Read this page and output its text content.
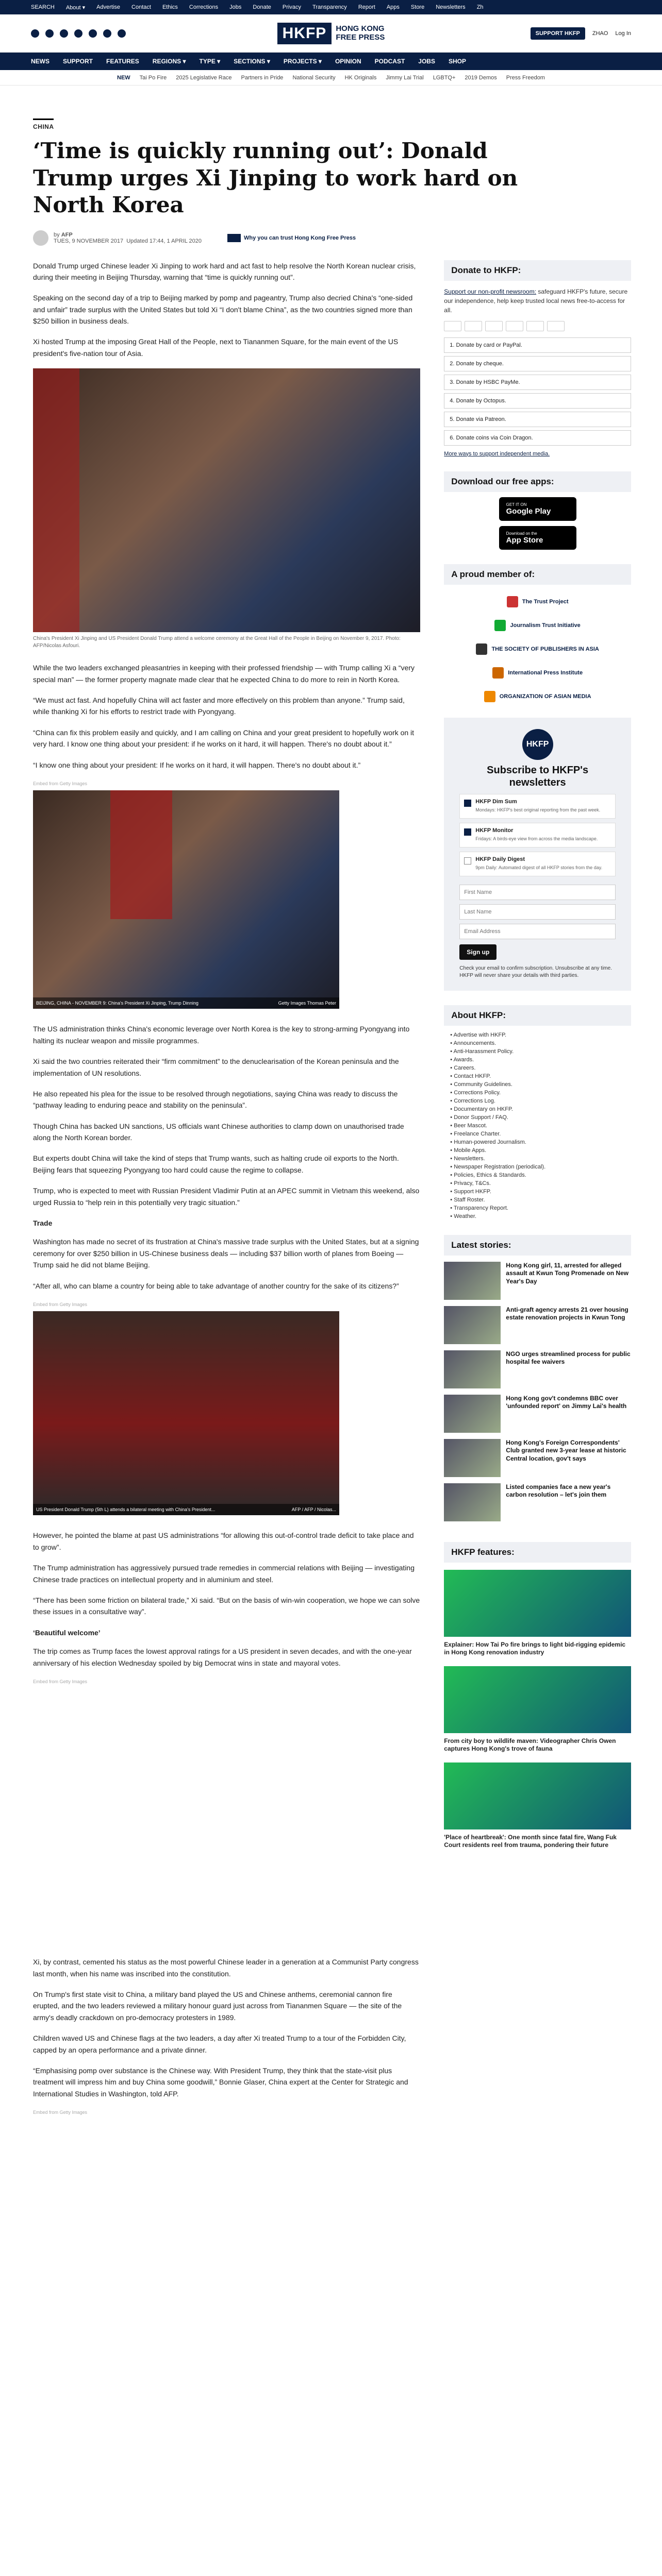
SEARCH About ▾ Advertise Contact Ethics Corrections Jobs Donate Privacy Transparency Report Apps Store Newsletters Zh
HKFP	HONG KONG
FREE PRESS	SUPPORT HKFP	ZHAO Log In
NEWS SUPPORT FEATURES REGIONS ▾ TYPE ▾ SECTIONS ▾ PROJECTS ▾ OPINION PODCAST JOBS SHOP
NEW Tai Po Fire 2025 Legislative Race Partners in Pride National Security HK Originals Jimmy Lai Trial LGBTQ+ 2019 Demos Press Freedom
CHINA
‘Time is quickly running out’: Donald Trump urges Xi Jinping to work hard on North Korea
by AFP
TUES, 9 NOVEMBER 2017 Updated 17:44, 1 APRIL 2020	Why you can trust Hong Kong Free Press

Donald Trump urged Chinese leader Xi Jinping to work hard and act fast to help resolve the North Korean nuclear crisis, during their meeting in Beijing Thursday, warning that “time is quickly running out”.

Speaking on the second day of a trip to Beijing marked by pomp and pageantry, Trump also decried China's “one-sided and unfair” trade surplus with the United States but told Xi “I don't blame China”, as the two countries signed more than $250 billion in business deals.

Xi hosted Trump at the imposing Great Hall of the People, next to Tiananmen Square, for the main event of the US president's five-nation tour of Asia.

China's President Xi Jinping and US President Donald Trump attend a welcome ceremony at the Great Hall of the People in Beijing on November 9, 2017. Photo: AFP/Nicolas Asfouri.

While the two leaders exchanged pleasantries in keeping with their professed friendship — with Trump calling Xi a “very special man” — the former property magnate made clear that he expected China to do more to rein in North Korea.

“We must act fast. And hopefully China will act faster and more effectively on this problem than anyone.” Trump said, while thanking Xi for his efforts to restrict trade with Pyongyang.

“China can fix this problem easily and quickly, and I am calling on China and your great president to hopefully work on it very hard. I know one thing about your president: if he works on it hard, it will happen. There's no doubt about it.”

“I know one thing about your president: If he works on it hard, it will happen. There's no doubt about it.”

Embed from Getty Images
BEIJING, CHINA - NOVEMBER 9: China's President Xi Jinping, Trump Dinning	Getty Images Thomas Peter

The US administration thinks China's economic leverage over North Korea is the key to strong-arming Pyongyang into halting its nuclear weapon and missile programmes.

Xi said the two countries reiterated their “firm commitment” to the denuclearisation of the Korean peninsula and the implementation of UN resolutions.

He also repeated his plea for the issue to be resolved through negotiations, saying China was ready to discuss the “pathway leading to enduring peace and stability on the peninsula”.

Though China has backed UN sanctions, US officials want Chinese authorities to clamp down on unauthorised trade along the North Korean border.

But experts doubt China will take the kind of steps that Trump wants, such as halting crude oil exports to the North. Beijing fears that squeezing Pyongyang too hard could cause the regime to collapse.

Trump, who is expected to meet with Russian President Vladimir Putin at an APEC summit in Vietnam this weekend, also urged Russia to “help rein in this potentially very tragic situation.”

Trade

Washington has made no secret of its frustration at China's massive trade surplus with the United States, but at a signing ceremony for over $250 billion in US-Chinese business deals — including $37 billion worth of planes from Boeing — Trump said he did not blame Beijing.

“After all, who can blame a country for being able to take advantage of another country for the sake of its citizens?”

Embed from Getty Images
US President Donald Trump (5th L) attends a bilateral meeting with China's President...	AFP / AFP / Nicolas...

However, he pointed the blame at past US administrations “for allowing this out-of-control trade deficit to take place and to grow”.

The Trump administration has aggressively pursued trade remedies in commercial relations with Beijing — investigating Chinese trade practices on intellectual property and in aluminium and steel.

“There has been some friction on bilateral trade,” Xi said. “But on the basis of win-win cooperation, we hope we can solve these issues in a consultative way”.

‘Beautiful welcome’

The trip comes as Trump faces the lowest approval ratings for a US president in seven decades, and with the one-year anniversary of his election Wednesday spoiled by big Democrat wins in state and mayoral votes.

Embed from Getty Images

Xi, by contrast, cemented his status as the most powerful Chinese leader in a generation at a Communist Party congress last month, when his name was inscribed into the constitution.

On Trump's first state visit to China, a military band played the US and Chinese anthems, ceremonial cannon fire erupted, and the two leaders reviewed a military honour guard just across from Tiananmen Square — the site of the army's deadly crackdown on pro-democracy protesters in 1989.

Children waved US and Chinese flags at the two leaders, a day after Xi treated Trump to a tour of the Forbidden City, capped by an opera performance and a private dinner.

“Emphasising pomp over substance is the Chinese way. With President Trump, they think that the state-visit plus treatment will impress him and buy China some goodwill,” Bonnie Glaser, China expert at the Center for Strategic and International Studies in Washington, told AFP.

Embed from Getty Images
Donate to HKFP:
Support our non-profit newsroom: safeguard HKFP's future, secure our independence, help keep trusted local news free-to-access for all.
1. Donate by card or PayPal.
2. Donate by cheque.
3. Donate by HSBC PayMe.
4. Donate by Octopus.
5. Donate via Patreon.
6. Donate coins via Coin Dragon.
More ways to support independent media.
Download our free apps:
GET IT ON
Google Play
Download on the
App Store
A proud member of:
The Trust Project
Journalism Trust Initiative
THE SOCIETY OF PUBLISHERS IN ASIA
International Press Institute
ORGANIZATION OF ASIAN MEDIA
HKFP
Subscribe to HKFP's newsletters
HKFP Dim Sum
Mondays: HKFP's best original reporting from the past week.
HKFP Monitor
Fridays: A birds-eye view from across the media landscape.
HKFP Daily Digest
9pm Daily: Automated digest of all HKFP stories from the day.
First Name Last Name Email Address
Sign up
Check your email to confirm subscription. Unsubscribe at any time. HKFP will never share your details with third parties.
About HKFP:
• Advertise with HKFP.
• Announcements.
• Anti-Harassment Policy.
• Awards.
• Careers.
• Contact HKFP.
• Community Guidelines.
• Corrections Policy.
• Corrections Log.
• Documentary on HKFP.
• Donor Support / FAQ.
• Beer Mascot.
• Freelance Charter.
• Human-powered Journalism.
• Mobile Apps.
• Newsletters.
• Newspaper Registration (periodical).
• Policies, Ethics & Standards.
• Privacy, T&Cs.
• Support HKFP.
• Staff Roster.
• Transparency Report.
• Weather.
Latest stories:
Hong Kong girl, 11, arrested for alleged assault at Kwun Tong Promenade on New Year's Day
Anti-graft agency arrests 21 over housing estate renovation projects in Kwun Tong
NGO urges streamlined process for public hospital fee waivers
Hong Kong gov't condemns BBC over 'unfounded report' on Jimmy Lai's health
Hong Kong's Foreign Correspondents' Club granted new 3-year lease at historic Central location, gov't says
Listed companies face a new year's carbon resolution – let's join them
HKFP features:
Explainer: How Tai Po fire brings to light bid-rigging epidemic in Hong Kong renovation industry
From city boy to wildlife maven: Videographer Chris Owen captures Hong Kong's trove of fauna
'Place of heartbreak': One month since fatal fire, Wang Fuk Court residents reel from trauma, pondering their future
